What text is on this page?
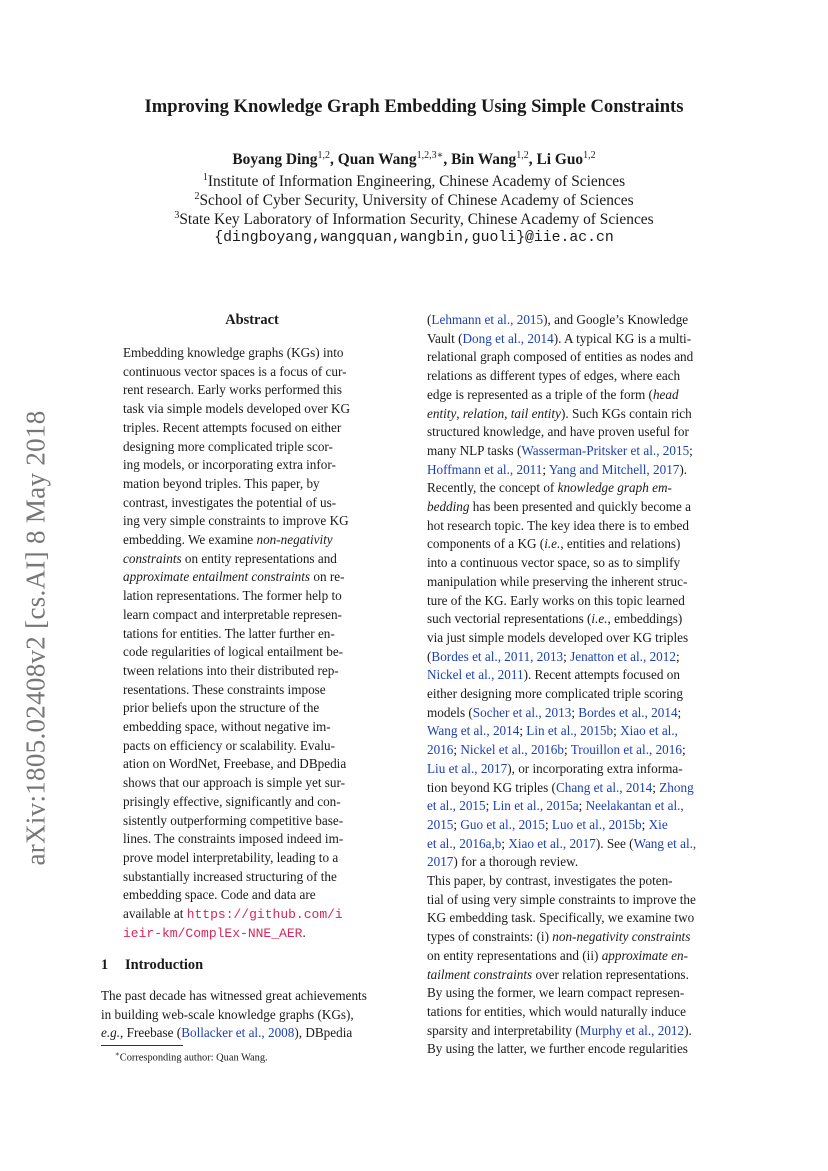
arXiv:1805.02408v2 [cs.AI] 8 May 2018
Improving Knowledge Graph Embedding Using Simple Constraints
Boyang Ding$^{1,2}$, Quan Wang$^{1,2,3∗}$, Bin Wang$^{1,2}$, Li Guo$^{1,2}$
$^1$Institute of Information Engineering, Chinese Academy of Sciences
$^2$School of Cyber Security, University of Chinese Academy of Sciences
$^3$State Key Laboratory of Information Security, Chinese Academy of Sciences
{dingboyang,wangquan,wangbin,guoli}@iie.ac.cn
Abstract
Embedding knowledge graphs (KGs) into
continuous vector spaces is a focus of cur-
rent research. Early works performed this
task via simple models developed over KG
triples. Recent attempts focused on either
designing more complicated triple scor-
ing models, or incorporating extra infor-
mation beyond triples. This paper, by
contrast, investigates the potential of us-
ing very simple constraints to improve KG
embedding. We examine non-negativity
constraints on entity representations and
approximate entailment constraints on re-
lation representations. The former help to
learn compact and interpretable represen-
tations for entities. The latter further en-
code regularities of logical entailment be-
tween relations into their distributed rep-
resentations. These constraints impose
prior beliefs upon the structure of the
embedding space, without negative im-
pacts on efficiency or scalability. Evalu-
ation on WordNet, Freebase, and DBpedia
shows that our approach is simple yet sur-
prisingly effective, significantly and con-
sistently outperforming competitive base-
lines. The constraints imposed indeed im-
prove model interpretability, leading to a
substantially increased structuring of the
embedding space. Code and data are
available at https://github.com/i
ieir-km/ComplEx-NNE_AER.
1 Introduction
The past decade has witnessed great achievements
in building web-scale knowledge graphs (KGs),
e.g., Freebase (Bollacker et al., 2008), DBpedia
(Lehmann et al., 2015), and Google’s Knowledge
Vault (Dong et al., 2014). A typical KG is a multi-
relational graph composed of entities as nodes and
relations as different types of edges, where each
edge is represented as a triple of the form (head
entity, relation, tail entity). Such KGs contain rich
structured knowledge, and have proven useful for
many NLP tasks (Wasserman-Pritsker et al., 2015;
Hoffmann et al., 2011; Yang and Mitchell, 2017).
Recently, the concept of knowledge graph em-
bedding has been presented and quickly become a
hot research topic. The key idea there is to embed
components of a KG (i.e., entities and relations)
into a continuous vector space, so as to simplify
manipulation while preserving the inherent struc-
ture of the KG. Early works on this topic learned
such vectorial representations (i.e., embeddings)
via just simple models developed over KG triples
(Bordes et al., 2011, 2013; Jenatton et al., 2012;
Nickel et al., 2011). Recent attempts focused on
either designing more complicated triple scoring
models (Socher et al., 2013; Bordes et al., 2014;
Wang et al., 2014; Lin et al., 2015b; Xiao et al.,
2016; Nickel et al., 2016b; Trouillon et al., 2016;
Liu et al., 2017), or incorporating extra informa-
tion beyond KG triples (Chang et al., 2014; Zhong
et al., 2015; Lin et al., 2015a; Neelakantan et al.,
2015; Guo et al., 2015; Luo et al., 2015b; Xie
et al., 2016a,b; Xiao et al., 2017). See (Wang et al.,
2017) for a thorough review.
This paper, by contrast, investigates the poten-
tial of using very simple constraints to improve the
KG embedding task. Specifically, we examine two
types of constraints: (i) non-negativity constraints
on entity representations and (ii) approximate en-
tailment constraints over relation representations.
By using the former, we learn compact represen-
tations for entities, which would naturally induce
sparsity and interpretability (Murphy et al., 2012).
By using the latter, we further encode regularities
∗Corresponding author: Quan Wang.
